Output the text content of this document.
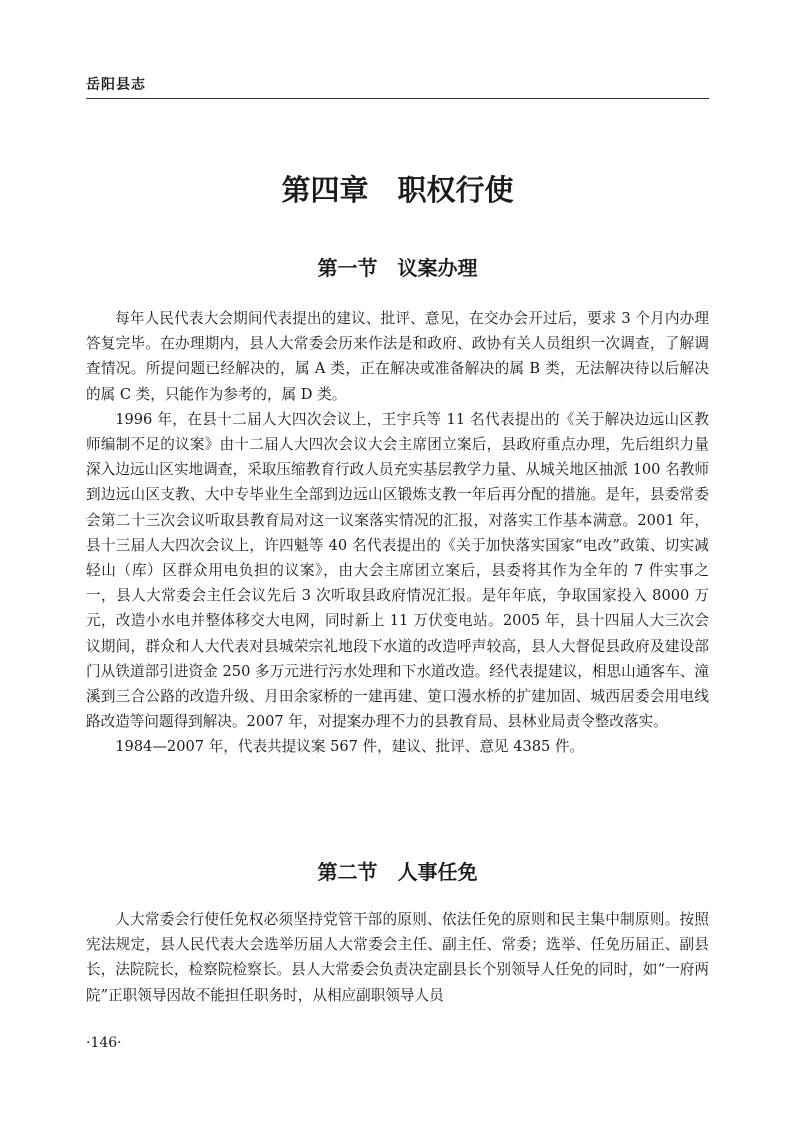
岳阳县志
第四章　职权行使
第一节　议案办理

每年人民代表大会期间代表提出的建议、批评、意见，在交办会开过后，要求 3 个月内办理答复完毕。在办理期内，县人大常委会历来作法是和政府、政协有关人员组织一次调查，了解调查情况。所提问题已经解决的，属 A 类，正在解决或准备解决的属 B 类，无法解决待以后解决的属 C 类，只能作为参考的，属 D 类。

1996 年，在县十二届人大四次会议上，王宇兵等 11 名代表提出的《关于解决边远山区教师编制不足的议案》由十二届人大四次会议大会主席团立案后，县政府重点办理，先后组织力量深入边远山区实地调查，采取压缩教育行政人员充实基层教学力量、从城关地区抽派 100 名教师到边远山区支教、大中专毕业生全部到边远山区锻炼支教一年后再分配的措施。是年，县委常委会第二十三次会议听取县教育局对这一议案落实情况的汇报，对落实工作基本满意。2001 年，县十三届人大四次会议上，许四魁等 40 名代表提出的《关于加快落实国家“电改”政策、切实减轻山（库）区群众用电负担的议案》，由大会主席团立案后，县委将其作为全年的 7 件实事之一，县人大常委会主任会议先后 3 次听取县政府情况汇报。是年年底，争取国家投入 8000 万元，改造小水电并整体移交大电网，同时新上 11 万伏变电站。2005 年，县十四届人大三次会议期间，群众和人大代表对县城荣宗礼地段下水道的改造呼声较高，县人大督促县政府及建设部门从铁道部引进资金 250 多万元进行污水处理和下水道改造。经代表提建议，相思山通客车、潼溪到三合公路的改造升级、月田余家桥的一建再建、筻口漫水桥的扩建加固、城西居委会用电线路改造等问题得到解决。2007 年，对提案办理不力的县教育局、县林业局责令整改落实。

1984—2007 年，代表共提议案 567 件，建议、批评、意见 4385 件。

第二节　人事任免

人大常委会行使任免权必须坚持党管干部的原则、依法任免的原则和民主集中制原则。按照宪法规定，县人民代表大会选举历届人大常委会主任、副主任、常委；选举、任免历届正、副县长，法院院长，检察院检察长。县人大常委会负责决定副县长个别领导人任免的同时，如“一府两院”正职领导因故不能担任职务时，从相应副职领导人员

·146·
